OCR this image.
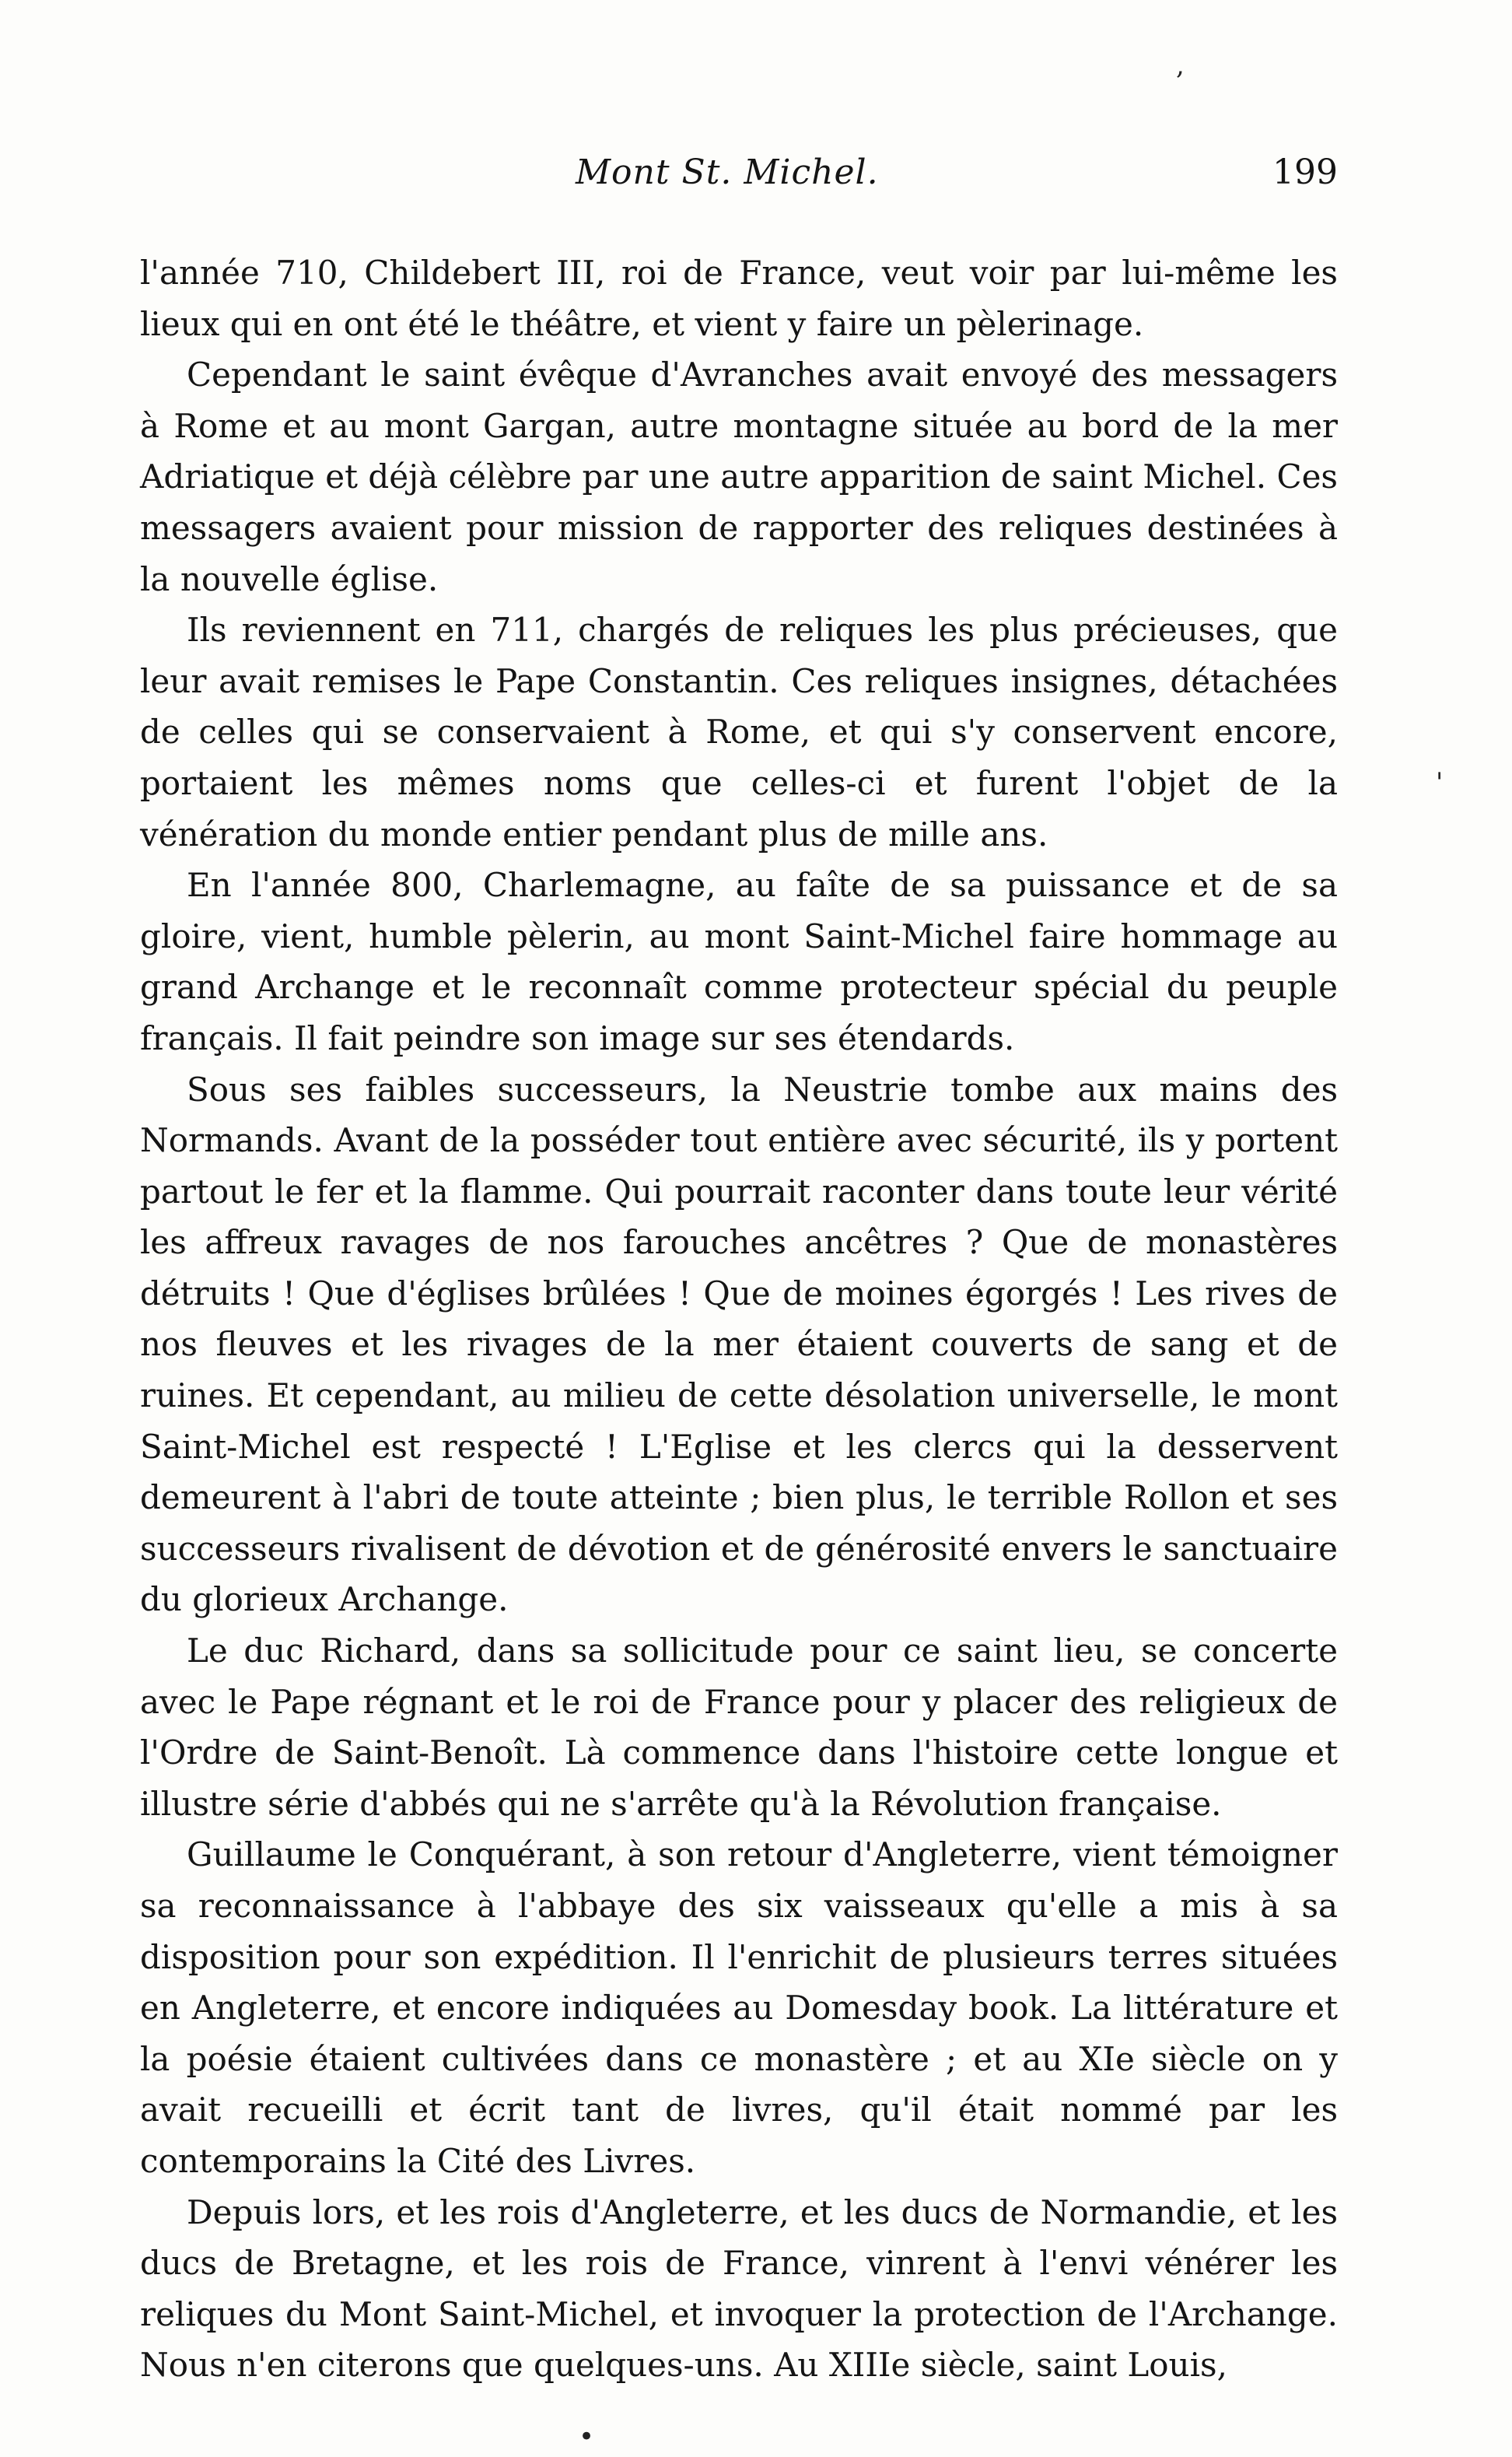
,
'
•
Mont St. Michel.	199

l'année 710, Childebert III, roi de France, veut voir par lui-même les lieux qui en ont été le théâtre, et vient y faire un pèlerinage.

Cependant le saint évêque d'Avranches avait envoyé des messagers à Rome et au mont Gargan, autre montagne située au bord de la mer Adriatique et déjà célèbre par une autre apparition de saint Michel. Ces messagers avaient pour mission de rapporter des reliques destinées à la nouvelle église.

Ils reviennent en 711, chargés de reliques les plus précieuses, que leur avait remises le Pape Constantin. Ces reliques insignes, détachées de celles qui se conservaient à Rome, et qui s'y conservent encore, portaient les mêmes noms que celles-ci et furent l'objet de la vénération du monde entier pendant plus de mille ans.

En l'année 800, Charlemagne, au faîte de sa puissance et de sa gloire, vient, humble pèlerin, au mont Saint-Michel faire hommage au grand Archange et le reconnaît comme protecteur spécial du peuple français. Il fait peindre son image sur ses étendards.

Sous ses faibles successeurs, la Neustrie tombe aux mains des Normands. Avant de la posséder tout entière avec sécurité, ils y portent partout le fer et la flamme. Qui pourrait raconter dans toute leur vérité les affreux ravages de nos farouches ancêtres ? Que de monastères détruits ! Que d'églises brûlées ! Que de moines égorgés ! Les rives de nos fleuves et les rivages de la mer étaient couverts de sang et de ruines. Et cependant, au milieu de cette désolation universelle, le mont Saint-Michel est respecté ! L'Eglise et les clercs qui la desservent demeurent à l'abri de toute atteinte ; bien plus, le terrible Rollon et ses successeurs rivalisent de dévotion et de générosité envers le sanctuaire du glorieux Archange.

Le duc Richard, dans sa sollicitude pour ce saint lieu, se concerte avec le Pape régnant et le roi de France pour y placer des religieux de l'Ordre de Saint-Benoît. Là commence dans l'histoire cette longue et illustre série d'abbés qui ne s'arrête qu'à la Révolution française.

Guillaume le Conquérant, à son retour d'Angleterre, vient témoigner sa reconnaissance à l'abbaye des six vaisseaux qu'elle a mis à sa disposition pour son expédition. Il l'enrichit de plusieurs terres situées en Angleterre, et encore indiquées au Domesday book. La littérature et la poésie étaient cultivées dans ce monastère ; et au XIe siècle on y avait recueilli et écrit tant de livres, qu'il était nommé par les contemporains la Cité des Livres.

Depuis lors, et les rois d'Angleterre, et les ducs de Normandie, et les ducs de Bretagne, et les rois de France, vinrent à l'envi vénérer les reliques du Mont Saint-Michel, et invoquer la protection de l'Archange. Nous n'en citerons que quelques-uns. Au XIIIe siècle, saint Louis,
